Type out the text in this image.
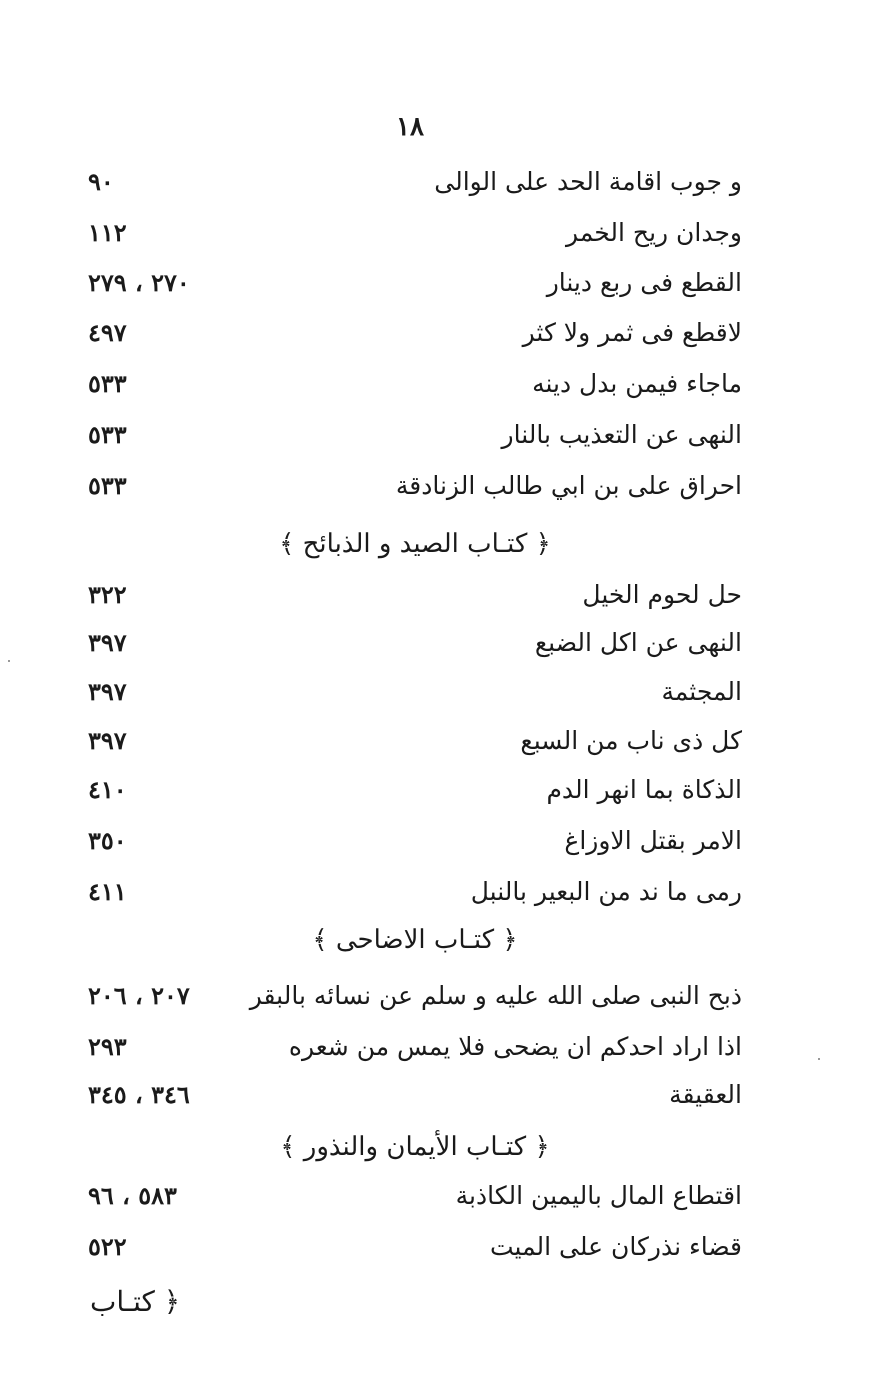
١٨
و جوب اقامة الحد على الوالى
٩٠
وجدان ريح الخمر
١١٢
القطع فى ربع دينار
٢٧٠ ، ٢٧٩
لاقطع فى ثمر ولا كثر
٤٩٧
ماجاء فيمن بدل دينه
٥٣٣
النهى عن التعذيب بالنار
٥٣٣
احراق على بن ابي طالب الزنادقة
٥٣٣
﴿ كتـاب الصيد و الذبائح ﴾
حل لحوم الخيل
٣٢٢
النهى عن اكل الضبع
٣٩٧
المجثمة
٣٩٧
كل ذى ناب من السبع
٣٩٧
الذكاة بما انهر الدم
٤١٠
الامر بقتل الاوزاغ
٣٥٠
رمى ما ند من البعير بالنبل
٤١١
﴿ كتـاب الاضاحى ﴾
ذبح النبى صلى الله عليه و سلم عن نسائه بالبقر
٢٠٧ ، ٢٠٦
اذا اراد احدكم ان يضحى فلا يمس من شعره
٢٩٣
العقيقة
٣٤٦ ، ٣٤٥
﴿ كتـاب الأيمان والنذور ﴾
اقتطاع المال باليمين الكاذبة
٥٨٣ ، ٩٦
قضاء نذركان على الميت
٥٢٢
﴿ كتـاب
